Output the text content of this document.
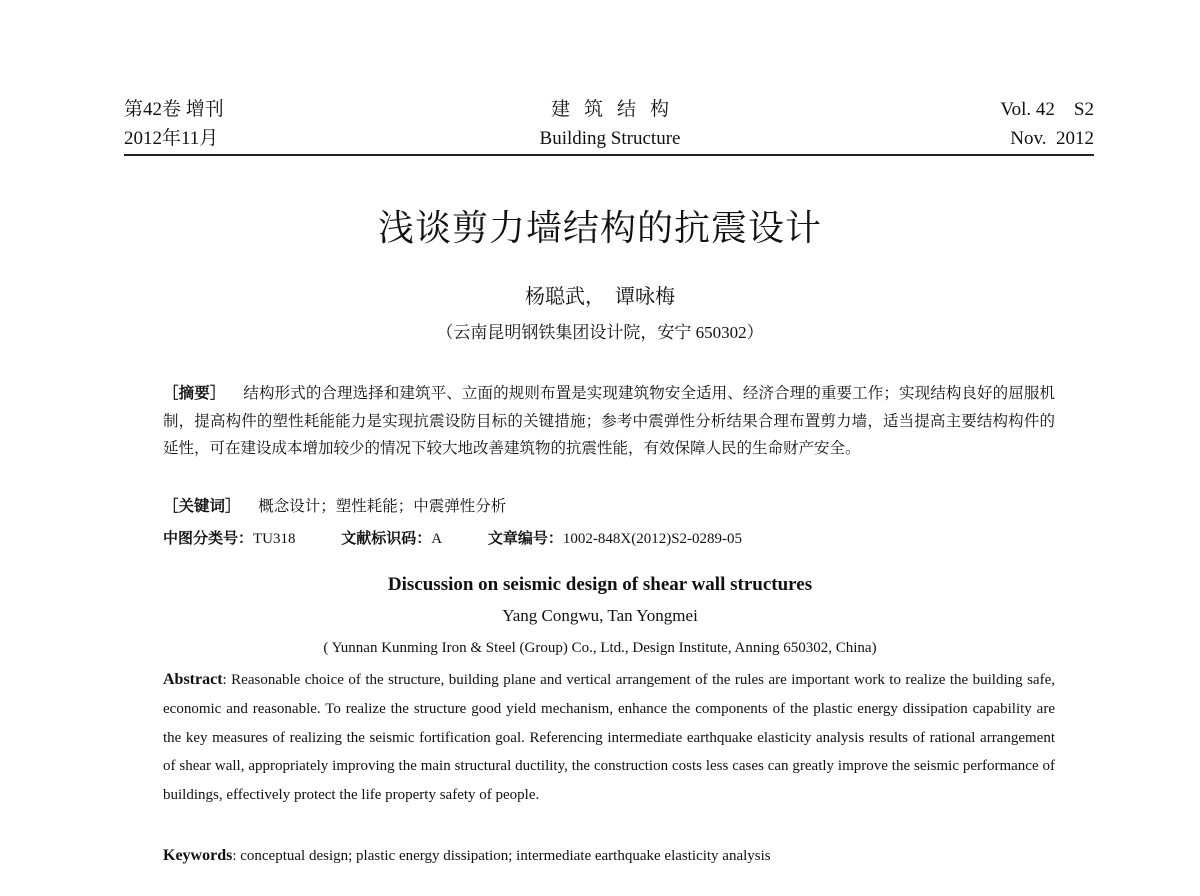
第42卷 增刊
2012年11月
建筑结构
Building Structure
Vol. 42    S2
Nov.  2012
浅谈剪力墙结构的抗震设计
杨聪武，  谭咏梅
（云南昆明钢铁集团设计院，安宁 650302）
［摘要］ 结构形式的合理选择和建筑平、立面的规则布置是实现建筑物安全适用、经济合理的重要工作；实现结构良好的屈服机制，提高构件的塑性耗能能力是实现抗震设防目标的关键措施；参考中震弹性分析结果合理布置剪力墙，适当提高主要结构构件的延性，可在建设成本增加较少的情况下较大地改善建筑物的抗震性能，有效保障人民的生命财产安全。
［关键词］ 概念设计；塑性耗能；中震弹性分析
中图分类号：TU318	文献标识码：A	文章编号：1002-848X(2012)S2-0289-05
Discussion on seismic design of shear wall structures
Yang Congwu, Tan Yongmei
( Yunnan Kunming Iron & Steel (Group) Co., Ltd., Design Institute, Anning 650302, China)

Abstract: Reasonable choice of the structure, building plane and vertical arrangement of the rules are important work to realize the building safe, economic and reasonable. To realize the structure good yield mechanism, enhance the components of the plastic energy dissipation capability are the key measures of realizing the seismic fortification goal. Referencing intermediate earthquake elasticity analysis results of rational arrangement of shear wall, appropriately improving the main structural ductility, the construction costs less cases can greatly improve the seismic performance of buildings, effectively protect the life property safety of people.

Keywords: conceptual design; plastic energy dissipation; intermediate earthquake elasticity analysis
